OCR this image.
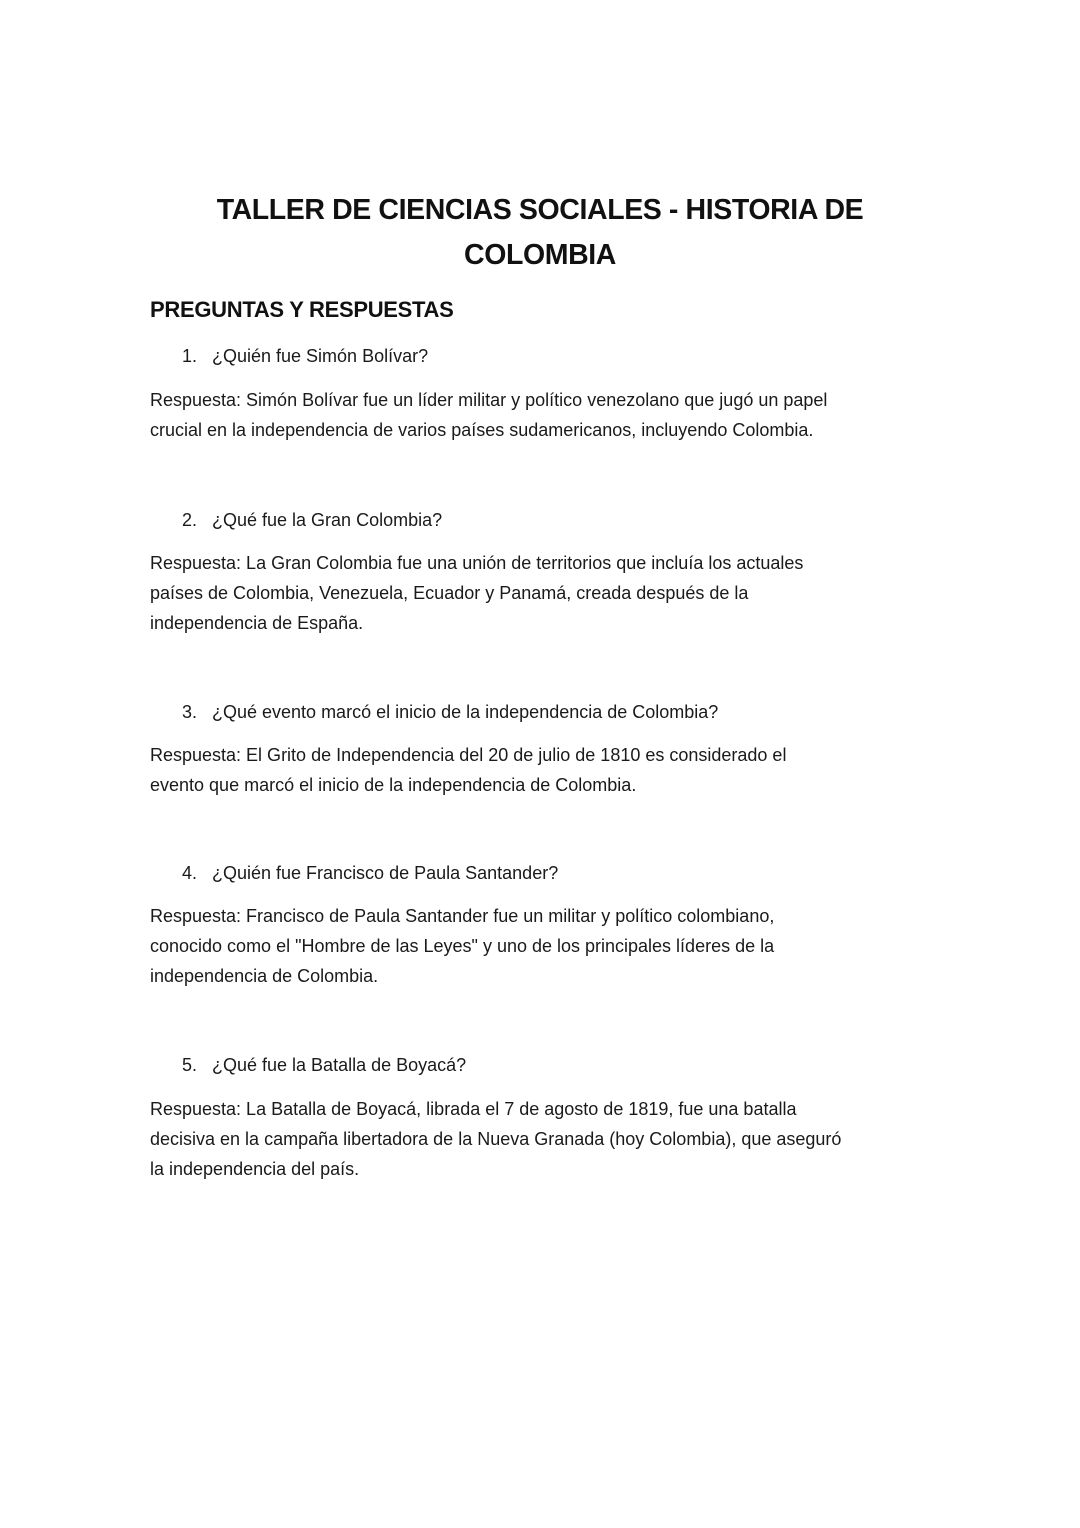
TALLER DE CIENCIAS SOCIALES - HISTORIA DE
COLOMBIA
PREGUNTAS Y RESPUESTAS
1. ¿Quién fue Simón Bolívar?
Respuesta: Simón Bolívar fue un líder militar y político venezolano que jugó un papel
crucial en la independencia de varios países sudamericanos, incluyendo Colombia.
2. ¿Qué fue la Gran Colombia?
Respuesta: La Gran Colombia fue una unión de territorios que incluía los actuales
países de Colombia, Venezuela, Ecuador y Panamá, creada después de la
independencia de España.
3. ¿Qué evento marcó el inicio de la independencia de Colombia?
Respuesta: El Grito de Independencia del 20 de julio de 1810 es considerado el
evento que marcó el inicio de la independencia de Colombia.
4. ¿Quién fue Francisco de Paula Santander?
Respuesta: Francisco de Paula Santander fue un militar y político colombiano,
conocido como el "Hombre de las Leyes" y uno de los principales líderes de la
independencia de Colombia.
5. ¿Qué fue la Batalla de Boyacá?
Respuesta: La Batalla de Boyacá, librada el 7 de agosto de 1819, fue una batalla
decisiva en la campaña libertadora de la Nueva Granada (hoy Colombia), que aseguró
la independencia del país.
